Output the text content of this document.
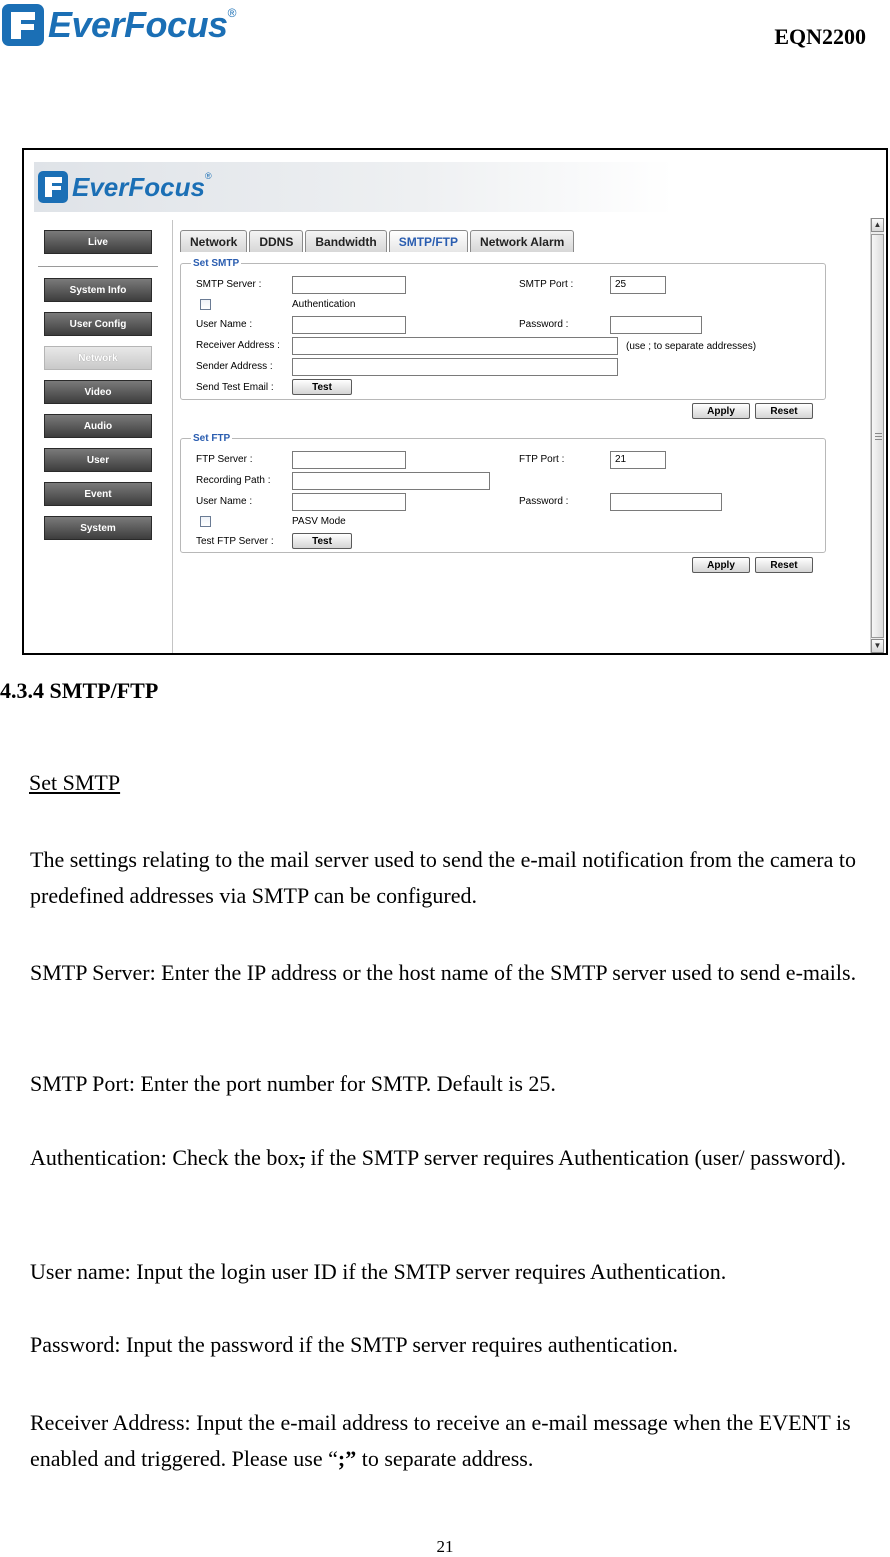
EverFocus ®
EQN2200
EverFocus ®
Live
System Info
User Config
Network
Video
Audio
User
Event
System
Network	DDNS	Bandwidth	SMTP/FTP	Network Alarm
Set SMTP
SMTP Server :	SMTP Port :	25
Authentication
User Name :	Password :
Receiver Address :	(use ; to separate addresses)
Sender Address :
Send Test Email :	Test
Apply	Reset
Set FTP
FTP Server :	FTP Port :	21
Recording Path :
User Name :	Password :
PASV Mode
Test FTP Server :	Test
Apply	Reset
▲
▼
4.3.4 SMTP/FTP
Set SMTP
The settings relating to the mail server used to send the e-mail notification from the camera to predefined addresses via SMTP can be configured.
SMTP Server: Enter the IP address or the host name of the SMTP server used to send e-mails.
SMTP Port: Enter the port number for SMTP. Default is 25.
Authentication: Check the box, if the SMTP server requires Authentication (user/ password).
User name: Input the login user ID if the SMTP server requires Authentication.
Password: Input the password if the SMTP server requires authentication.
Receiver Address: Input the e-mail address to receive an e-mail message when the EVENT is enabled and triggered. Please use “;” to separate address.
21
